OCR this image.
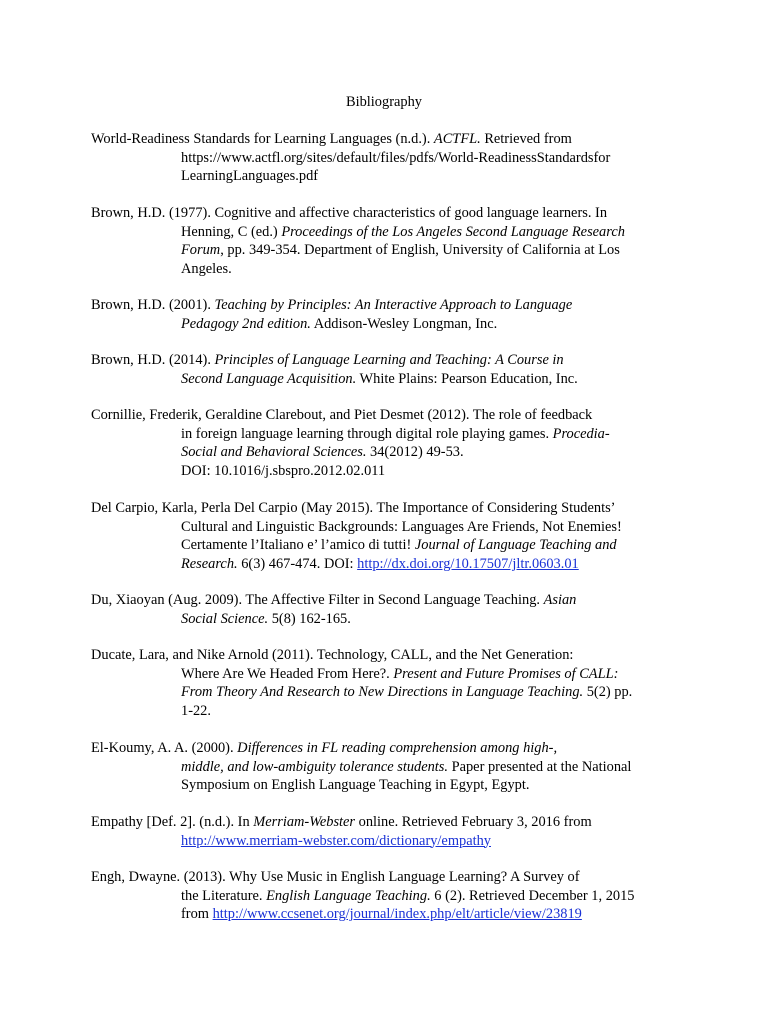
Bibliography
World-Readiness Standards for Learning Languages (n.d.). ACTFL. Retrieved from
https://www.actfl.org/sites/default/files/pdfs/World-ReadinessStandardsfor
LearningLanguages.pdf
Brown, H.D. (1977). Cognitive and affective characteristics of good language learners. In
Henning, C (ed.) Proceedings of the Los Angeles Second Language Research
Forum, pp. 349-354. Department of English, University of California at Los
Angeles.
Brown, H.D. (2001). Teaching by Principles: An Interactive Approach to Language
Pedagogy 2nd edition. Addison-Wesley Longman, Inc.
Brown, H.D. (2014). Principles of Language Learning and Teaching: A Course in
Second Language Acquisition. White Plains: Pearson Education, Inc.
Cornillie, Frederik, Geraldine Clarebout, and Piet Desmet (2012). The role of feedback
in foreign language learning through digital role playing games. Procedia-
Social and Behavioral Sciences. 34(2012) 49-53.
DOI: 10.1016/j.sbspro.2012.02.011
Del Carpio, Karla, Perla Del Carpio (May 2015). The Importance of Considering Students’
Cultural and Linguistic Backgrounds: Languages Are Friends, Not Enemies!
Certamente l’Italiano e’ l’amico di tutti! Journal of Language Teaching and
Research. 6(3) 467-474. DOI: http://dx.doi.org/10.17507/jltr.0603.01
Du, Xiaoyan (Aug. 2009). The Affective Filter in Second Language Teaching. Asian
Social Science. 5(8) 162-165.
Ducate, Lara, and Nike Arnold (2011). Technology, CALL, and the Net Generation:
Where Are We Headed From Here?. Present and Future Promises of CALL:
From Theory And Research to New Directions in Language Teaching. 5(2) pp.
1-22.
El-Koumy, A. A. (2000). Differences in FL reading comprehension among high-,
middle, and low-ambiguity tolerance students. Paper presented at the National
Symposium on English Language Teaching in Egypt, Egypt.
Empathy [Def. 2]. (n.d.). In Merriam-Webster online. Retrieved February 3, 2016 from
http://www.merriam-webster.com/dictionary/empathy
Engh, Dwayne. (2013). Why Use Music in English Language Learning? A Survey of
the Literature. English Language Teaching. 6 (2). Retrieved December 1, 2015
from http://www.ccsenet.org/journal/index.php/elt/article/view/23819
